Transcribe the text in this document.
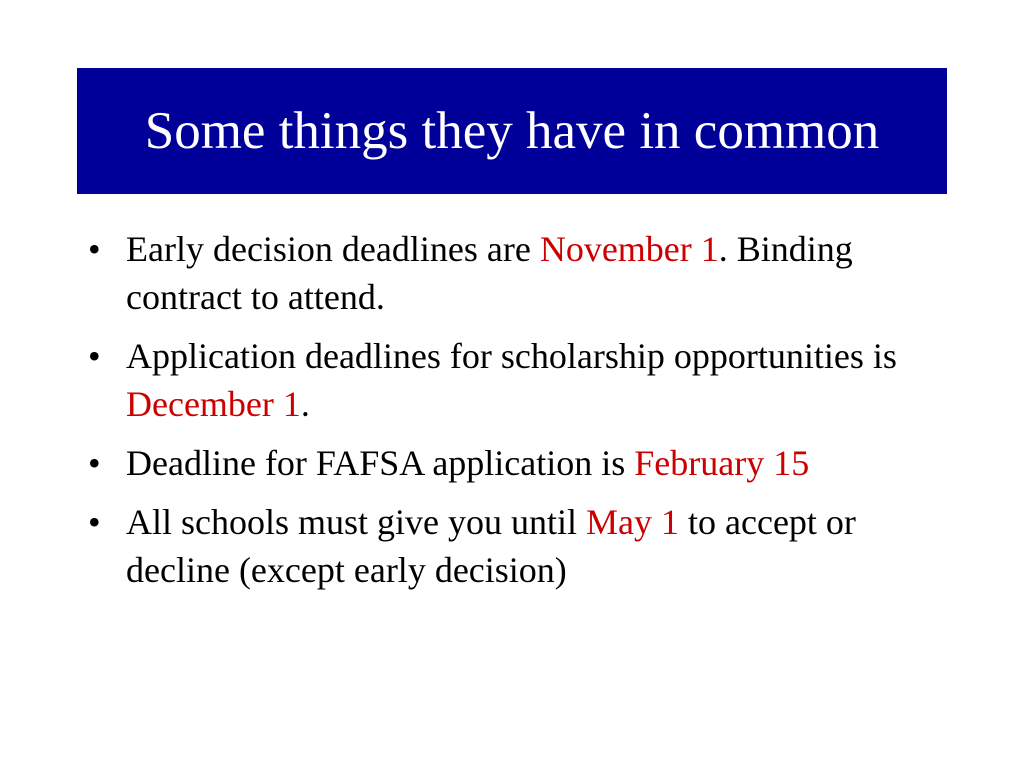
Some things they have in common
• Early decision deadlines are November 1. Binding contract to attend.
• Application deadlines for scholarship opportunities is December 1.
• Deadline for FAFSA application is February 15
• All schools must give you until May 1 to accept or decline (except early decision)
